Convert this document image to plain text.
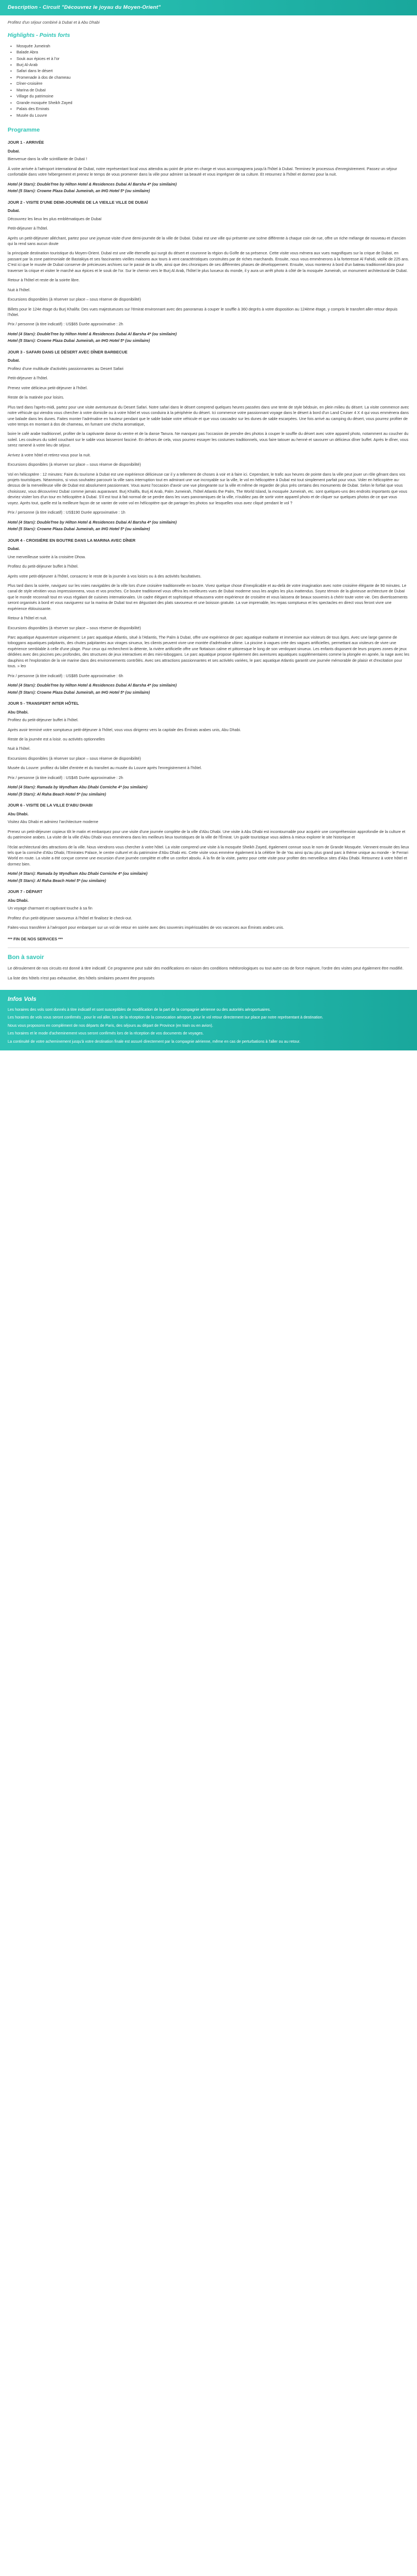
Description - Circuit "Découvrez le joyau du Moyen-Orient"

Profitez d'un séjour combiné à Dubaï et à Abu Dhabi

Highlights - Points forts
• Mosquée Jumeirah
• Balade Abra
• Souk aux épices et à l'or
• Burj Al-Arab
• Safari dans le désert
• Promenade à dos de chameau
• Dîner-croisière
• Marina de Dubaï
• Village du patrimoine
• Grande mosquée Sheikh Zayed
• Palais des Emirats
• Musée du Louvre
Programme
JOUR 1 - ARRIVÉE

Dubaï.

Bienvenue dans la ville scintillante de Dubaï !

À votre arrivée à l'aéroport international de Dubaï, notre représentant local vous attendra au point de prise en charge et vous accompagnera jusqu'à l'hôtel à Dubaï. Terminez le processus d'enregistrement. Passez un séjour confortable dans votre hébergement et prenez le temps de vous promener dans la ville pour admirer sa beauté et vous imprégner de sa culture. Et retournez à l'hôtel et dormez pour la nuit.

Hotel (4 Stars): DoubleTree by Hilton Hotel & Residences Dubai Al Barsha 4* (ou similaire)

Hotel (5 Stars): Crowne Plaza Dubai Jumeirah, an IHG Hotel 5* (ou similaire)

JOUR 2 - VISITE D'UNE DEMI-JOURNÉE DE LA VIEILLE VILLE DE DUBAÏ

Dubaï.

Découvrez les lieux les plus emblématiques de Dubaï

Petit-déjeuner à l'hôtel.

Après un petit-déjeuner alléchant, partez pour une joyeuse visite d'une demi-journée de la ville de Dubaï. Dubaï est une ville qui présente une scène différente à chaque coin de rue, offre un riche mélange de nouveau et d'ancien qui la rend sans aucun doute

la principale destination touristique du Moyen-Orient. Dubaï est une ville éternelle qui surgit du désert et couronne la région du Golfe de sa présence. Cette visite vous mènera aux vues magnifiques sur la crique de Dubaï, en passant par la zone patrimoniale de Bastakiya et ses fascinantes vieilles maisons aux tours à vent caractéristiques construites par de riches marchands. Ensuite, nous vous emmènerons à la forteresse Al Fahidi, vieille de 225 ans. C'est ici que le musée de Dubaï conserve de précieuses archives sur le passé de la ville, ainsi que des chroniques de ses différentes phases de développement. Ensuite, vous monterez à bord d'un bateau traditionnel Abra pour traverser la crique et visiter le marché aux épices et le souk de l'or. Sur le chemin vers le Burj Al Arab, l'hôtel le plus luxueux du monde, il y aura un arrêt photo à côté de la mosquée Jumeirah, un monument architectural de Dubaï.

Retour à l'hôtel et reste de la soirée libre.

Nuit à l'hôtel.

Excursions disponibles (à réserver sur place – sous réserve de disponibilité)

Billets pour le 124e étage du Burj Khalifa: Des vues majestueuses sur l'émirat environnant avec des panoramas à couper le souffle à 360 degrés à votre disposition au 124ème étage, y compris le transfert aller-retour depuis l'hôtel.

Prix / personne (à titre indicatif) : US$65 Durée approximative : 2h

Hotel (4 Stars): DoubleTree by Hilton Hotel & Residences Dubai Al Barsha 4* (ou similaire)

Hotel (5 Stars): Crowne Plaza Dubai Jumeirah, an IHG Hotel 5* (ou similaire)

JOUR 3 - SAFARI DANS LE DÉSERT AVEC DÎNER BARBECUE

Dubaï.

Profitez d'une multitude d'activités passionnantes au Desert Safari

Petit-déjeuner à l'hôtel.

Prenez votre délicieux petit-déjeuner à l'hôtel.

Reste de la matinée pour loisirs.

Plus tard dans l'après-midi, partez pour une visite aventureuse du Desert Safari. Notre safari dans le désert comprend quelques heures passées dans une tente de style bédouin, en plein milieu du désert. La visite commence avec notre véhicule qui viendra vous chercher à votre domicile ou à votre hôtel et vous conduira à la périphérie du désert. Ici commence votre passionnant voyage dans le désert à bord d'un Land Cruiser 4 X 4 qui vous emmènera dans une balade dans les dunes. Faites monter l'adrénaline en hauteur pendant que le sable balaie votre véhicule et que vous cascadez sur les dunes de sable escarpées. Une fois arrivé au camping du désert, vous pourrez profiter de votre temps en montant à dos de chameau, en fumant une chicha aromatique,

boire le café arabe traditionnel, profiter de la captivante danse du ventre et de la danse Tanura. Ne manquez pas l'occasion de prendre des photos à couper le souffle du désert avec votre appareil photo, notamment au coucher du soleil. Les couleurs du soleil couchant sur le sable vous laisseront fasciné. En dehors de cela, vous pourrez essayer les costumes traditionnels, vous faire tatouer au henné et savourer un délicieux dîner buffet. Après le dîner, vous serez ramené à votre lieu de séjour.

Arrivez à votre hôtel et retirez-vous pour la nuit.

Excursions disponibles (à réserver sur place – sous réserve de disponibilité)

Vol en hélicoptère : 12 minutes: Faire du tourisme à Dubaï est une expérience délicieuse car il y a tellement de choses à voir et à faire ici. Cependant, le trafic aux heures de pointe dans la ville peut jouer un rôle gênant dans vos projets touristiques. Néanmoins, si vous souhaitez parcourir la ville sans interruption tout en admirant une vue incroyable sur la ville, le vol en hélicoptère à Dubaï est tout simplement parfait pour vous. Voler en hélicoptère au-dessus de la merveilleuse ville de Dubaï est absolument passionnant. Vous aurez l'occasion d'avoir une vue plongeante sur la ville et même de regarder de plus près certains des monuments de Dubaï. Selon le forfait que vous choisissez, vous découvrirez Dubaï comme jamais auparavant. Burj Khalifa, Burj Al Arab, Palm Jumeirah, l'hôtel Atlantis the Palm, The World Island, la mosquée Jumeirah, etc. sont quelques-uns des endroits importants que vous devriez visiter lors d'un tour en hélicoptère à Dubaï. S'il est tout à fait normal de se perdre dans les vues panoramiques de la ville, n'oubliez pas de sortir votre appareil photo et de cliquer sur quelques photos de ce que vous voyez. Après tout, quelle est la meilleure façon de se vanter de votre vol en hélicoptère que de partager les photos sur lesquelles vous avez cliqué pendant le vol ?

Prix / personne (à titre indicatif) : US$190 Durée approximative : 1h

Hotel (4 Stars): DoubleTree by Hilton Hotel & Residences Dubai Al Barsha 4* (ou similaire)

Hotel (5 Stars): Crowne Plaza Dubai Jumeirah, an IHG Hotel 5* (ou similaire)

JOUR 4 - CROISIÈRE EN BOUTRE DANS LA MARINA AVEC DÎNER

Dubaï.

Une merveilleuse soirée à la croisière Dhow.

Profitez du petit-déjeuner buffet à l'hôtel.

Après votre petit-déjeuner à l'hôtel, consacrez le reste de la journée à vos loisirs ou à des activités facultatives.

Plus tard dans la soirée, naviguez sur les voies navigables de la ville lors d'une croisière traditionnelle en boutre. Vivez quelque chose d'inexplicable et au-delà de votre imagination avec notre croisière élégante de 90 minutes. Le canal de style vénitien vous impressionnera, vous et vos proches. Ce boutre traditionnel vous offrira les meilleures vues de Dubaï moderne sous les angles les plus inattendus. Soyez témoin de la glorieuse architecture de Dubaï que le monde reconnaît tout en vous régalant de cuisines internationales. Un cadre élégant et sophistiqué rehaussera votre expérience de croisière et vous laissera de beaux souvenirs à chérir toute votre vie. Des divertissements seront organisés à bord et vous naviguerez sur la marina de Dubaï tout en dégustant des plats savoureux et une boisson gratuite. La vue imprenable, les repas somptueux et les spectacles en direct vous feront vivre une expérience éblouissante.

Retour à l'hôtel et nuit.

Excursions disponibles (à réserver sur place – sous réserve de disponibilité)

Parc aquatique Aquaventure uniquement: Le parc aquatique Atlantis, situé à l'Atlantis, The Palm à Dubaï, offre une expérience de parc aquatique exaltante et immersive aux visiteurs de tous âges. Avec une large gamme de toboggans aquatiques palpitants, des chutes palpitantes aux virages sinueux, les clients peuvent vivre une montée d'adrénaline ultime. La piscine à vagues crée des vagues artificielles, permettant aux visiteurs de vivre une expérience semblable à celle d'une plage. Pour ceux qui recherchent la détente, la rivière artificielle offre une flottaison calme et pittoresque le long de son verdoyant sinueux. Les enfants disposent de leurs propres zones de jeux dédiées avec des piscines peu profondes, des structures de jeux interactives et des mini-toboggans. Le parc aquatique propose également des aventures aquatiques supplémentaires comme la plongée en apnée, la nage avec les dauphins et l'exploration de la vie marine dans des environnements contrôlés. Avec ses attractions passionnantes et ses activités variées, le parc aquatique Atlantis garantit une journée mémorable de plaisir et d'excitation pour tous. » leo

Prix / personne (à titre indicatif) : US$85 Durée approximative : 6h

Hotel (4 Stars): DoubleTree by Hilton Hotel & Residences Dubai Al Barsha 4* (ou similaire)

Hotel (5 Stars): Crowne Plaza Dubai Jumeirah, an IHG Hotel 5* (ou similaire)

JOUR 5 - TRANSFERT INTER HÔTEL

Abu Dhabi.

Profitez du petit-déjeuner buffet à l'hôtel.

Après avoir terminé votre somptueux petit-déjeuner à l'hôtel, vous vous dirigerez vers la capitale des Émirats arabes unis, Abu Dhabi.

Reste de la journée est a loisir. ou activités optionnelles

Nuit à l'hôtel.

Excursions disponibles (à réserver sur place – sous réserve de disponibilité)

Musée du Louvre: profitez du billet d'entrée et du transfert au musée du Louvre après l'enregistrement à l'hôtel.

Prix / personne (à titre indicatif) : US$45 Durée approximative : 2h

Hotel (4 Stars): Ramada by Wyndham Abu Dhabi Corniche 4* (ou similaire)

Hotel (5 Stars): Al Raha Beach Hotel 5* (ou similaire)

JOUR 6 - VISITE DE LA VILLE D'ABU DHABI

Abu Dhabi.

Visitez Abu Dhabi et admirez l'architecture moderne

Prenez un petit-déjeuner copieux tôt le matin et embarquez pour une visite d'une journée complète de la ville d'Abu Dhabi. Une visite à Abu Dhabi est incontournable pour acquérir une compréhension approfondie de la culture et du patrimoine arabes. La visite de la ville d'Abu Dhabi vous emmènera dans les meilleurs lieux touristiques de la ville de l'Émirat. Un guide touristique vous aidera à mieux explorer le site historique et

l'éclat architectural des attractions de la ville. Nous viendrons vous chercher à votre hôtel. La visite comprend une visite à la mosquée Sheikh Zayed, également connue sous le nom de Grande Mosquée. Viennent ensuite des lieux tels que la corniche d'Abu Dhabi, l'Emirates Palace, le centre culturel et du patrimoine d'Abu Dhabi etc. Cette visite vous emmène également à la célèbre île de Yas ainsi qu'au plus grand parc à thème unique au monde - le Ferrari World en route. La visite a été conçue comme une excursion d'une journée complète et offre un confort absolu. À la fin de la visite, partez pour cette visite pour profiter des merveilleux sites d'Abu Dhabi. Retournez à votre hôtel et dormez bien.

Hotel (4 Stars): Ramada by Wyndham Abu Dhabi Corniche 4* (ou similaire)

Hotel (5 Stars): Al Raha Beach Hotel 5* (ou similaire)

JOUR 7 - DÉPART

Abu Dhabi.

Un voyage charmant et captivant touche à sa fin

Profitez d'un petit-déjeuner savoureux à l'hôtel et finalisez le check-out.

Faites-vous transférer à l'aéroport pour embarquer sur un vol de retour en soirée avec des souvenirs impérissables de vos vacances aux Émirats arabes unis.

*** FIN DE NOS SERVICES ***

Bon à savoir

Le déroulement de nos circuits est donné à titre indicatif. Ce programme peut subir des modifications en raison des conditions météorologiques ou tout autre cas de force majeure, l'ordre des visites peut également être modifié.

La liste des hôtels n'est pas exhaustive, des hôtels similaires peuvent être proposés

Infos Vols

Les horaires des vols sont donnés à titre indicatif et sont susceptibles de modification de la part de la compagnie aérienne ou des autorités aéroportuaires.

Les horaires de vols vous seront confirmés , pour le vol aller, lors de la réception de la convocation aéroport, pour le vol retour directement sur place par notre représentant à destination.

Nous vous proposons en complément de nos départs de Paris, des séjours au départ de Province (en train ou en avion).

Les horaires et le mode d'acheminement vous seront confirmés lors de la réception de vos documents de voyages.

La continuité de votre acheminement jusqu'à votre destination finale est assuré directement par la compagnie aérienne, même en cas de perturbations à l'aller ou au retour.
